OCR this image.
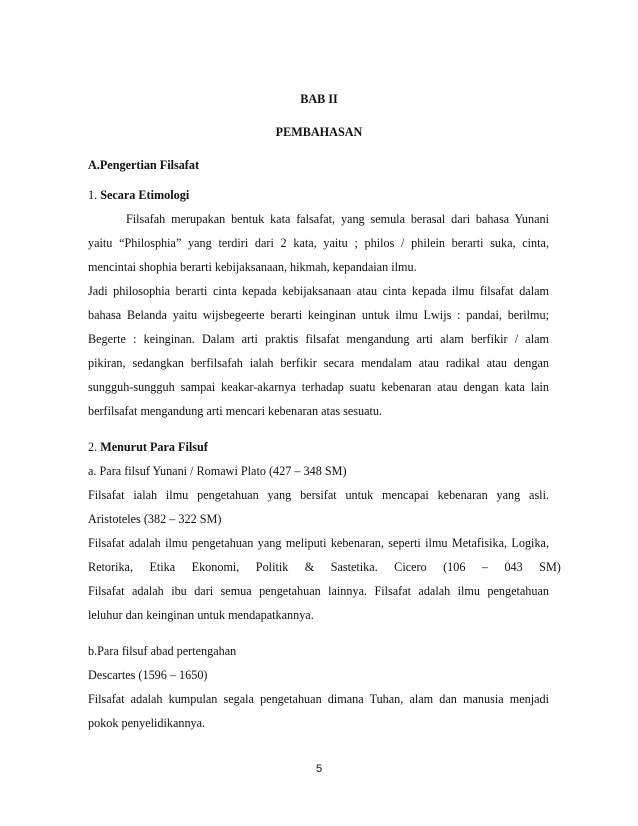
BAB II
PEMBAHASAN
A.Pengertian Filsafat
1. Secara Etimologi
Filsafah merupakan bentuk kata falsafat, yang semula berasal dari bahasa Yunani
yaitu “Philosphia” yang terdiri dari 2 kata, yaitu ; philos / philein berarti suka, cinta,
mencintai shophia berarti kebijaksanaan, hikmah, kepandaian ilmu.
Jadi philosophia berarti cinta kepada kebijaksanaan atau cinta kepada ilmu filsafat dalam
bahasa Belanda yaitu wijsbegeerte berarti keinginan untuk ilmu Lwijs : pandai, berilmu;
Begerte : keinginan. Dalam arti praktis filsafat mengandung arti alam berfikir / alam
pikiran, sedangkan berfilsafah ialah berfikir secara mendalam atau radikal atau dengan
sungguh-sungguh sampai keakar-akarnya terhadap suatu kebenaran atau dengan kata lain
berfilsafat mengandung arti mencari kebenaran atas sesuatu.
2. Menurut Para Filsuf
a. Para filsuf Yunani / Romawi Plato (427 – 348 SM)
Filsafat ialah ilmu pengetahuan yang bersifat untuk mencapai kebenaran yang asli.
Aristoteles (382 – 322 SM)
Filsafat adalah ilmu pengetahuan yang meliputi kebenaran, seperti ilmu Metafisika, Logika,
Retorika, Etika Ekonomi, Politik & Sastetika. Cicero (106 – 043 SM)
Filsafat adalah ibu dari semua pengetahuan lainnya. Filsafat adalah ilmu pengetahuan
leluhur dan keinginan untuk mendapatkannya.
b.Para filsuf abad pertengahan
Descartes (1596 – 1650)
Filsafat adalah kumpulan segala pengetahuan dimana Tuhan, alam dan manusia menjadi
pokok penyelidikannya.
5
